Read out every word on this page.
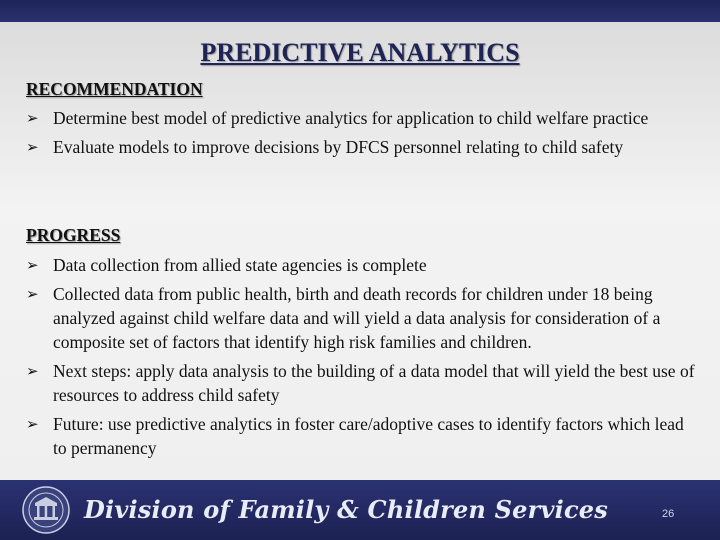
PREDICTIVE ANALYTICS
RECOMMENDATION
➢ Determine best model of predictive analytics for application to child welfare practice
➢ Evaluate models to improve decisions by DFCS personnel relating to child safety
PROGRESS
➢ Data collection from allied state agencies is complete
➢ Collected data from public health, birth and death records for children under 18 being analyzed against child welfare data and will yield a data analysis for consideration of a composite set of factors that identify high risk families and children.
➢ Next steps: apply data analysis to the building of a data model that will yield the best use of resources to address child safety
➢ Future: use predictive analytics in foster care/adoptive cases to identify factors which lead to permanency
Division of Family & Children Services	26
